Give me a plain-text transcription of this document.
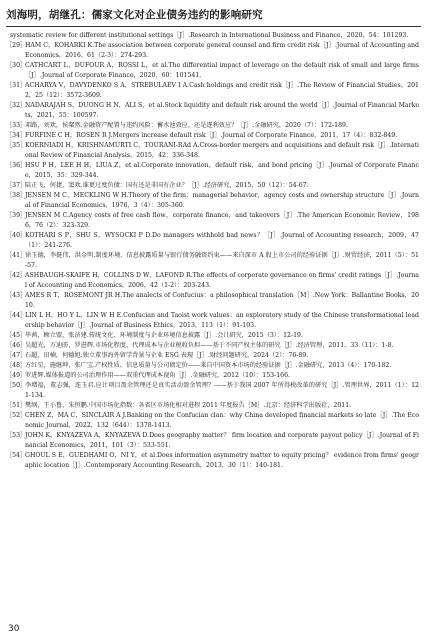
刘海明，胡继孔：儒家文化对企业债务违约的影响研究
systematic review for different institutional settings［J］.Research in International Business and Finance，2020，54：101293.
［29］
HAM C，KOHARKI K.The association between corporate general counsel and firm credit risk［J］.Journal of Accounting and Economics，2016，61（2-3）：274-293.
［30］
CATHCART L，DUFOUR A，ROSSI L，et al.The differential impact of leverage on the default risk of small and large firms［J］.Journal of Corporate Finance，2020，60：101541.
［31］
ACHARYA V，DAVYDENKO S A，STREBULAEV I A.Cash holdings and credit risk［J］.The Review of Financial Studies，2012，25（12）：3572-3609.
［32］
NADARAJAH S，DUONG H N，ALI S，et al.Stock liquidity and default risk around the world［J］.Journal of Financial Markets，2021，55：100597.
［33］
邓路，刘欢，侯粲然.金融资产配置与违约风险：蓄水池效应，还是逐利效应？［J］.金融研究，2020（7）：172-189.
［34］
FURFINE C H，ROSEN R J.Mergers increase default risk［J］.Journal of Corporate Finance，2011，17（4）：832-849.
［35］
KOERNIADI H，KRISHNAMURTI C，TOURANI-RAd A.Cross-border mergers and acquisitions and default risk［J］.International Review of Financial Analysis，2015，42：336-348.
［36］
HSU P H，LEE H H，LIUA Z，et al.Corporate innovation，default risk，and bond pricing［J］.Journal of Corporate Finance，2015，35：329-344.
［37］
陆正飞，何捷，窦欢.谁更过度负债：国有还是非国有企业？［J］.经济研究，2015，50（12）：54-67.
［38］
JENSEN M C，MECKLING W H.Theory of the firm：managerial behavior，agency costs and ownership structure［J］.Journal of Financial Economics，1976，3（4）：305-360.
［39］
JENSEN M C.Agency costs of free cash flow，corporate finance，and takeovers［J］.The American Economic Review，1986，76（2）：323-329.
［40］
KOTHARI S P，SHU S，WYSOCKI P D.Do managers withhold bad news？［J］.Journal of Accounting research，2009，47（1）：241-276.
［41］
徐玉德，李挺伟，洪金明.制度环境、信息披露质量与银行债务融资约束——来自深市 A 股上市公司的经验证据［J］.财贸经济，2011（5）：51-57.
［42］
ASHBAUGH-SKAIFE H，COLLINS D W，LAFOND R.The effects of corporate governance on firms' credit ratings［J］.Journal of Accounting and Economics，2006，42（1-2）：203-243.
［43］
AMES R T，ROSEMONT JR H.The analects of Confucius：a philosophical translation［M］.New York：Ballantine Books，2010.
［44］
LIN L H，HO Y L，LIN W H E.Confucian and Taoist work values：an exploratory study of the Chinese transformational leadership behavior［J］.Journal of Business Ethics，2013，113（1）：91-103.
［45］
毕茜，顾立盟，张济建.传统文化、环境制度与企业环境信息披露［J］.会计研究，2015（3）：12-19.
［46］
吴超光，万迪昉，罗进辉.市场化程度、代理成本与企业税收负担——基于不同产权主体的研究［J］.经济管理，2011，33（11）：1-8.
［47］
石超，田楠，何德旭.独立董事海外留学背景与企业 ESG 表现［J］.财经问题研究，2024（2）：76-89.
［48］
方红星，施继坤，张广宝.产权性质、信息质量与公司债定价——来自中国资本市场的经验证据［J］.金融研究，2013（4）：170-182.
［49］
罗进辉.媒体报道的公司治理作用——双重代理成本视角［J］.金融研究，2012（10）：153-166.
［50］
李增福，董志强，连玉君.应计项目盈余管理还是真实活动盈余管理？——基于我国 2007 年所得税改革的研究［J］.管理世界，2011（1）：121-134.
［51］
樊纲，王小鲁，朱恒鹏.中国市场化指数：各省区市场化相对进程 2011 年度报告［M］.北京：经济科学出版社，2011.
［52］
CHEN Z，MA C，SINCLAIR A J.Banking on the Confucian clan：why China developed financial markets so late［J］.The Economic Journal，2022，132（644）：1378-1413.
［53］
JOHN K，KNYAZEVA A，KNYAZEVA D.Does geography matter？ firm location and corporate payout policy［J］.Journal of Financial Economics，2011，101（3）：533-551.
［54］
GHOUL S E，GUEDHAMI O，NI Y，et al.Does information asymmetry matter to equity pricing？ evidence from firms' geographic location［J］.Contemporary Accounting Research，2013，30（1）：140-181.
30
